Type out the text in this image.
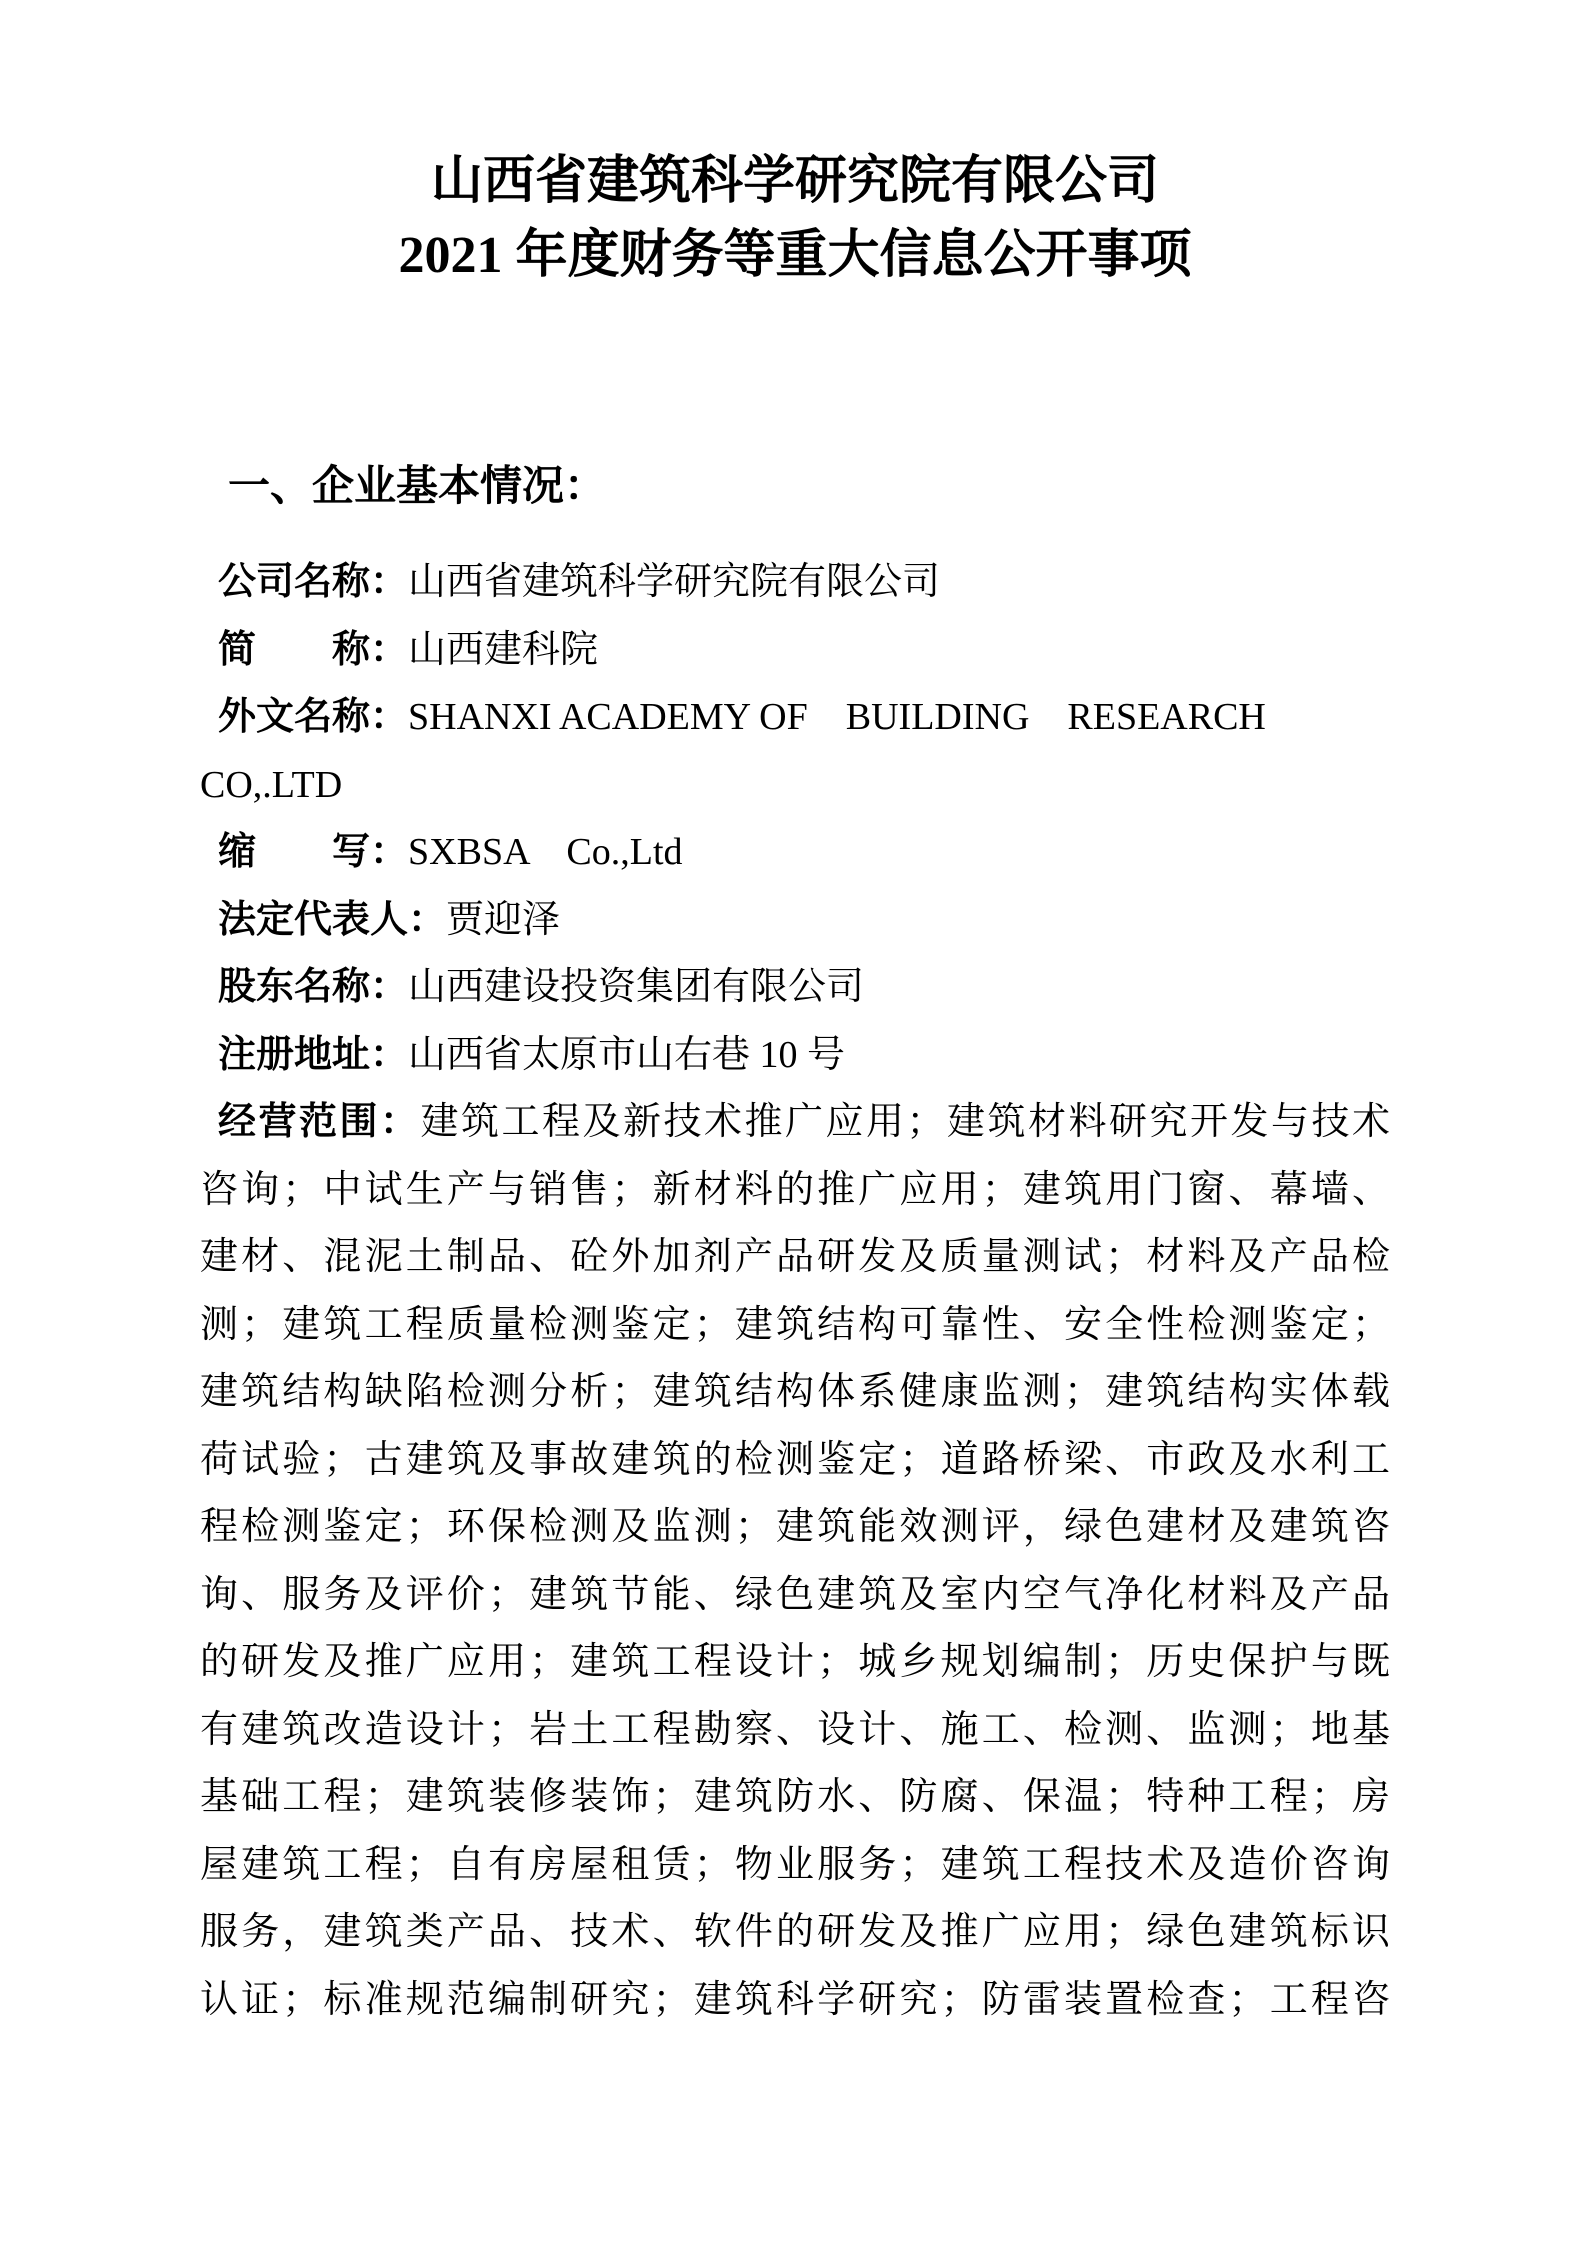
山西省建筑科学研究院有限公司
2021 年度财务等重大信息公开事项
一、企业基本情况：
公司名称：山西省建筑科学研究院有限公司
简　　称：山西建科院
外文名称：SHANXI ACADEMY OF　BUILDING　RESEARCH
CO,.LTD
缩　　写：SXBSA　Co.,Ltd
法定代表人：贾迎泽
股东名称：山西建设投资集团有限公司
注册地址：山西省太原市山右巷 10 号
经营范围：建筑工程及新技术推广应用；建筑材料研究开发与技术
咨询；中试生产与销售；新材料的推广应用；建筑用门窗、幕墙、
建材、混泥土制品、砼外加剂产品研发及质量测试；材料及产品检
测；建筑工程质量检测鉴定；建筑结构可靠性、安全性检测鉴定；
建筑结构缺陷检测分析；建筑结构体系健康监测；建筑结构实体载
荷试验；古建筑及事故建筑的检测鉴定；道路桥梁、市政及水利工
程检测鉴定；环保检测及监测；建筑能效测评，绿色建材及建筑咨
询、服务及评价；建筑节能、绿色建筑及室内空气净化材料及产品
的研发及推广应用；建筑工程设计；城乡规划编制；历史保护与既
有建筑改造设计；岩土工程勘察、设计、施工、检测、监测；地基
基础工程；建筑装修装饰；建筑防水、防腐、保温；特种工程；房
屋建筑工程；自有房屋租赁；物业服务；建筑工程技术及造价咨询
服务，建筑类产品、技术、软件的研发及推广应用；绿色建筑标识
认证；标准规范编制研究；建筑科学研究；防雷装置检查；工程咨
